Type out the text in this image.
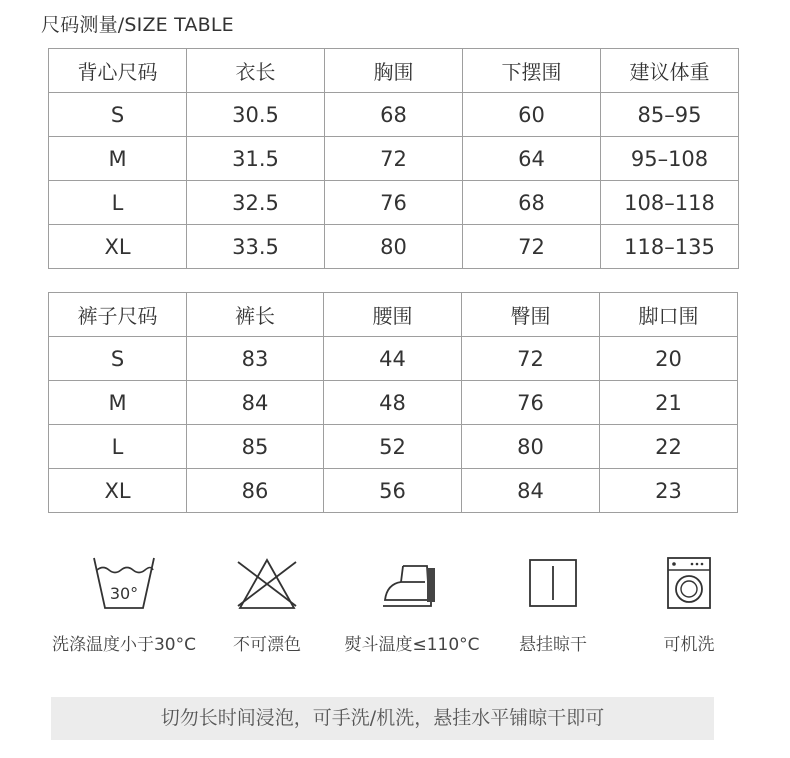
尺码测量/SIZE TABLE
背心尺码	衣长	胸围	下摆围	建议体重
S	30.5	68	60	85–95
M	31.5	72	64	95–108
L	32.5	76	68	108–118
XL	33.5	80	72	118–135
裤子尺码	裤长	腰围	臀围	脚口围
S	83	44	72	20
M	84	48	76	21
L	85	52	80	22
XL	86	56	84	23
30°
洗涤温度小于30°C	不可漂色	熨斗温度≤110°C	悬挂晾干	可机洗
切勿长时间浸泡，可手洗/机洗，悬挂水平铺晾干即可
